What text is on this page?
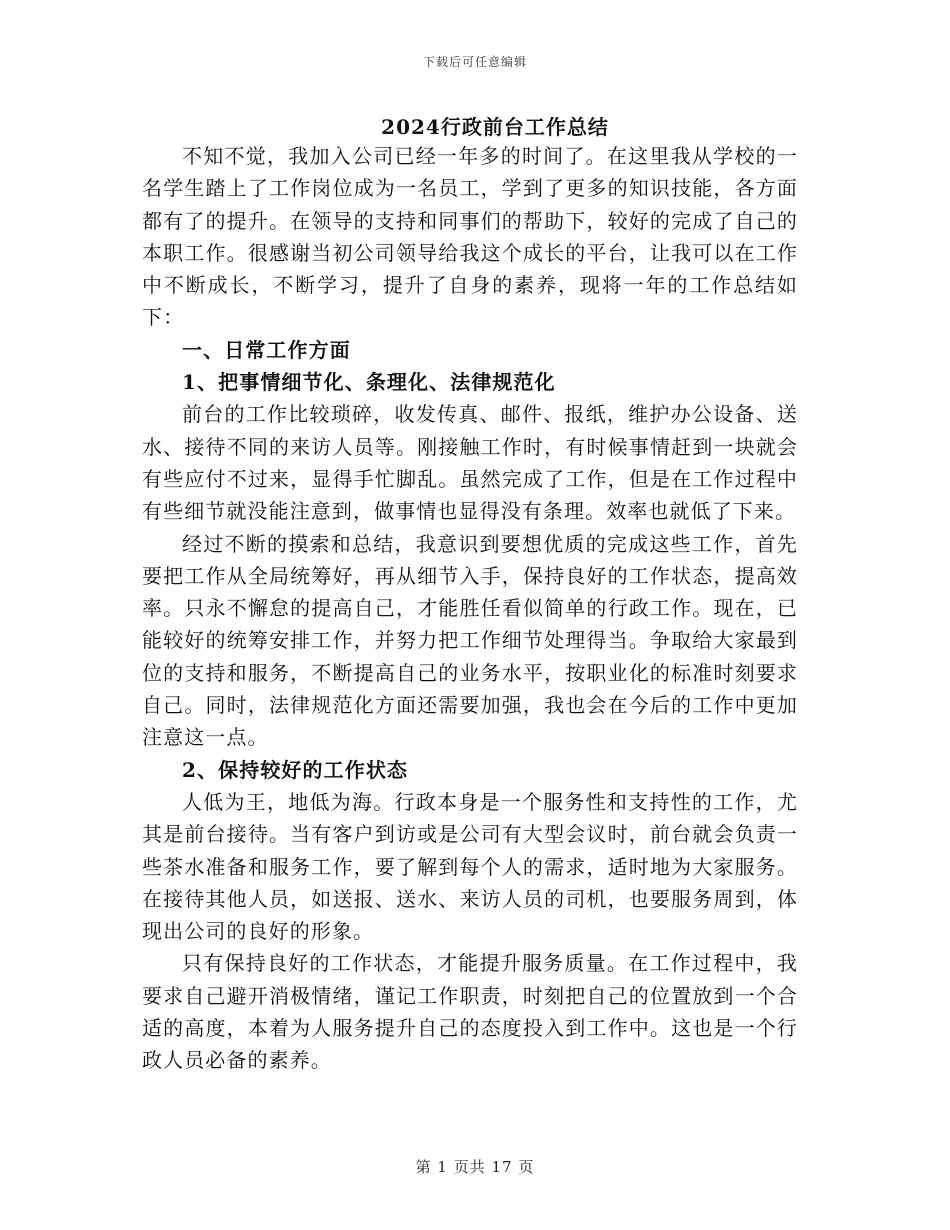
下载后可任意编辑
2024行政前台工作总结

不知不觉，我加入公司已经一年多的时间了。在这里我从学校的一名学生踏上了工作岗位成为一名员工，学到了更多的知识技能，各方面都有了的提升。在领导的支持和同事们的帮助下，较好的完成了自己的本职工作。很感谢当初公司领导给我这个成长的平台，让我可以在工作中不断成长，不断学习，提升了自身的素养，现将一年的工作总结如下：

一、日常工作方面

1、把事情细节化、条理化、法律规范化

前台的工作比较琐碎，收发传真、邮件、报纸，维护办公设备、送水、接待不同的来访人员等。刚接触工作时，有时候事情赶到一块就会有些应付不过来，显得手忙脚乱。虽然完成了工作，但是在工作过程中有些细节就没能注意到，做事情也显得没有条理。效率也就低了下来。

经过不断的摸索和总结，我意识到要想优质的完成这些工作，首先要把工作从全局统筹好，再从细节入手，保持良好的工作状态，提高效率。只永不懈怠的提高自己，才能胜任看似简单的行政工作。现在，已能较好的统筹安排工作，并努力把工作细节处理得当。争取给大家最到位的支持和服务，不断提高自己的业务水平，按职业化的标准时刻要求自己。同时，法律规范化方面还需要加强，我也会在今后的工作中更加注意这一点。

2、保持较好的工作状态

人低为王，地低为海。行政本身是一个服务性和支持性的工作，尤其是前台接待。当有客户到访或是公司有大型会议时，前台就会负责一些茶水准备和服务工作，要了解到每个人的需求，适时地为大家服务。在接待其他人员，如送报、送水、来访人员的司机，也要服务周到，体现出公司的良好的形象。

只有保持良好的工作状态，才能提升服务质量。在工作过程中，我要求自己避开消极情绪，谨记工作职责，时刻把自己的位置放到一个合适的高度，本着为人服务提升自己的态度投入到工作中。这也是一个行政人员必备的素养。

第 1 页共 17 页
